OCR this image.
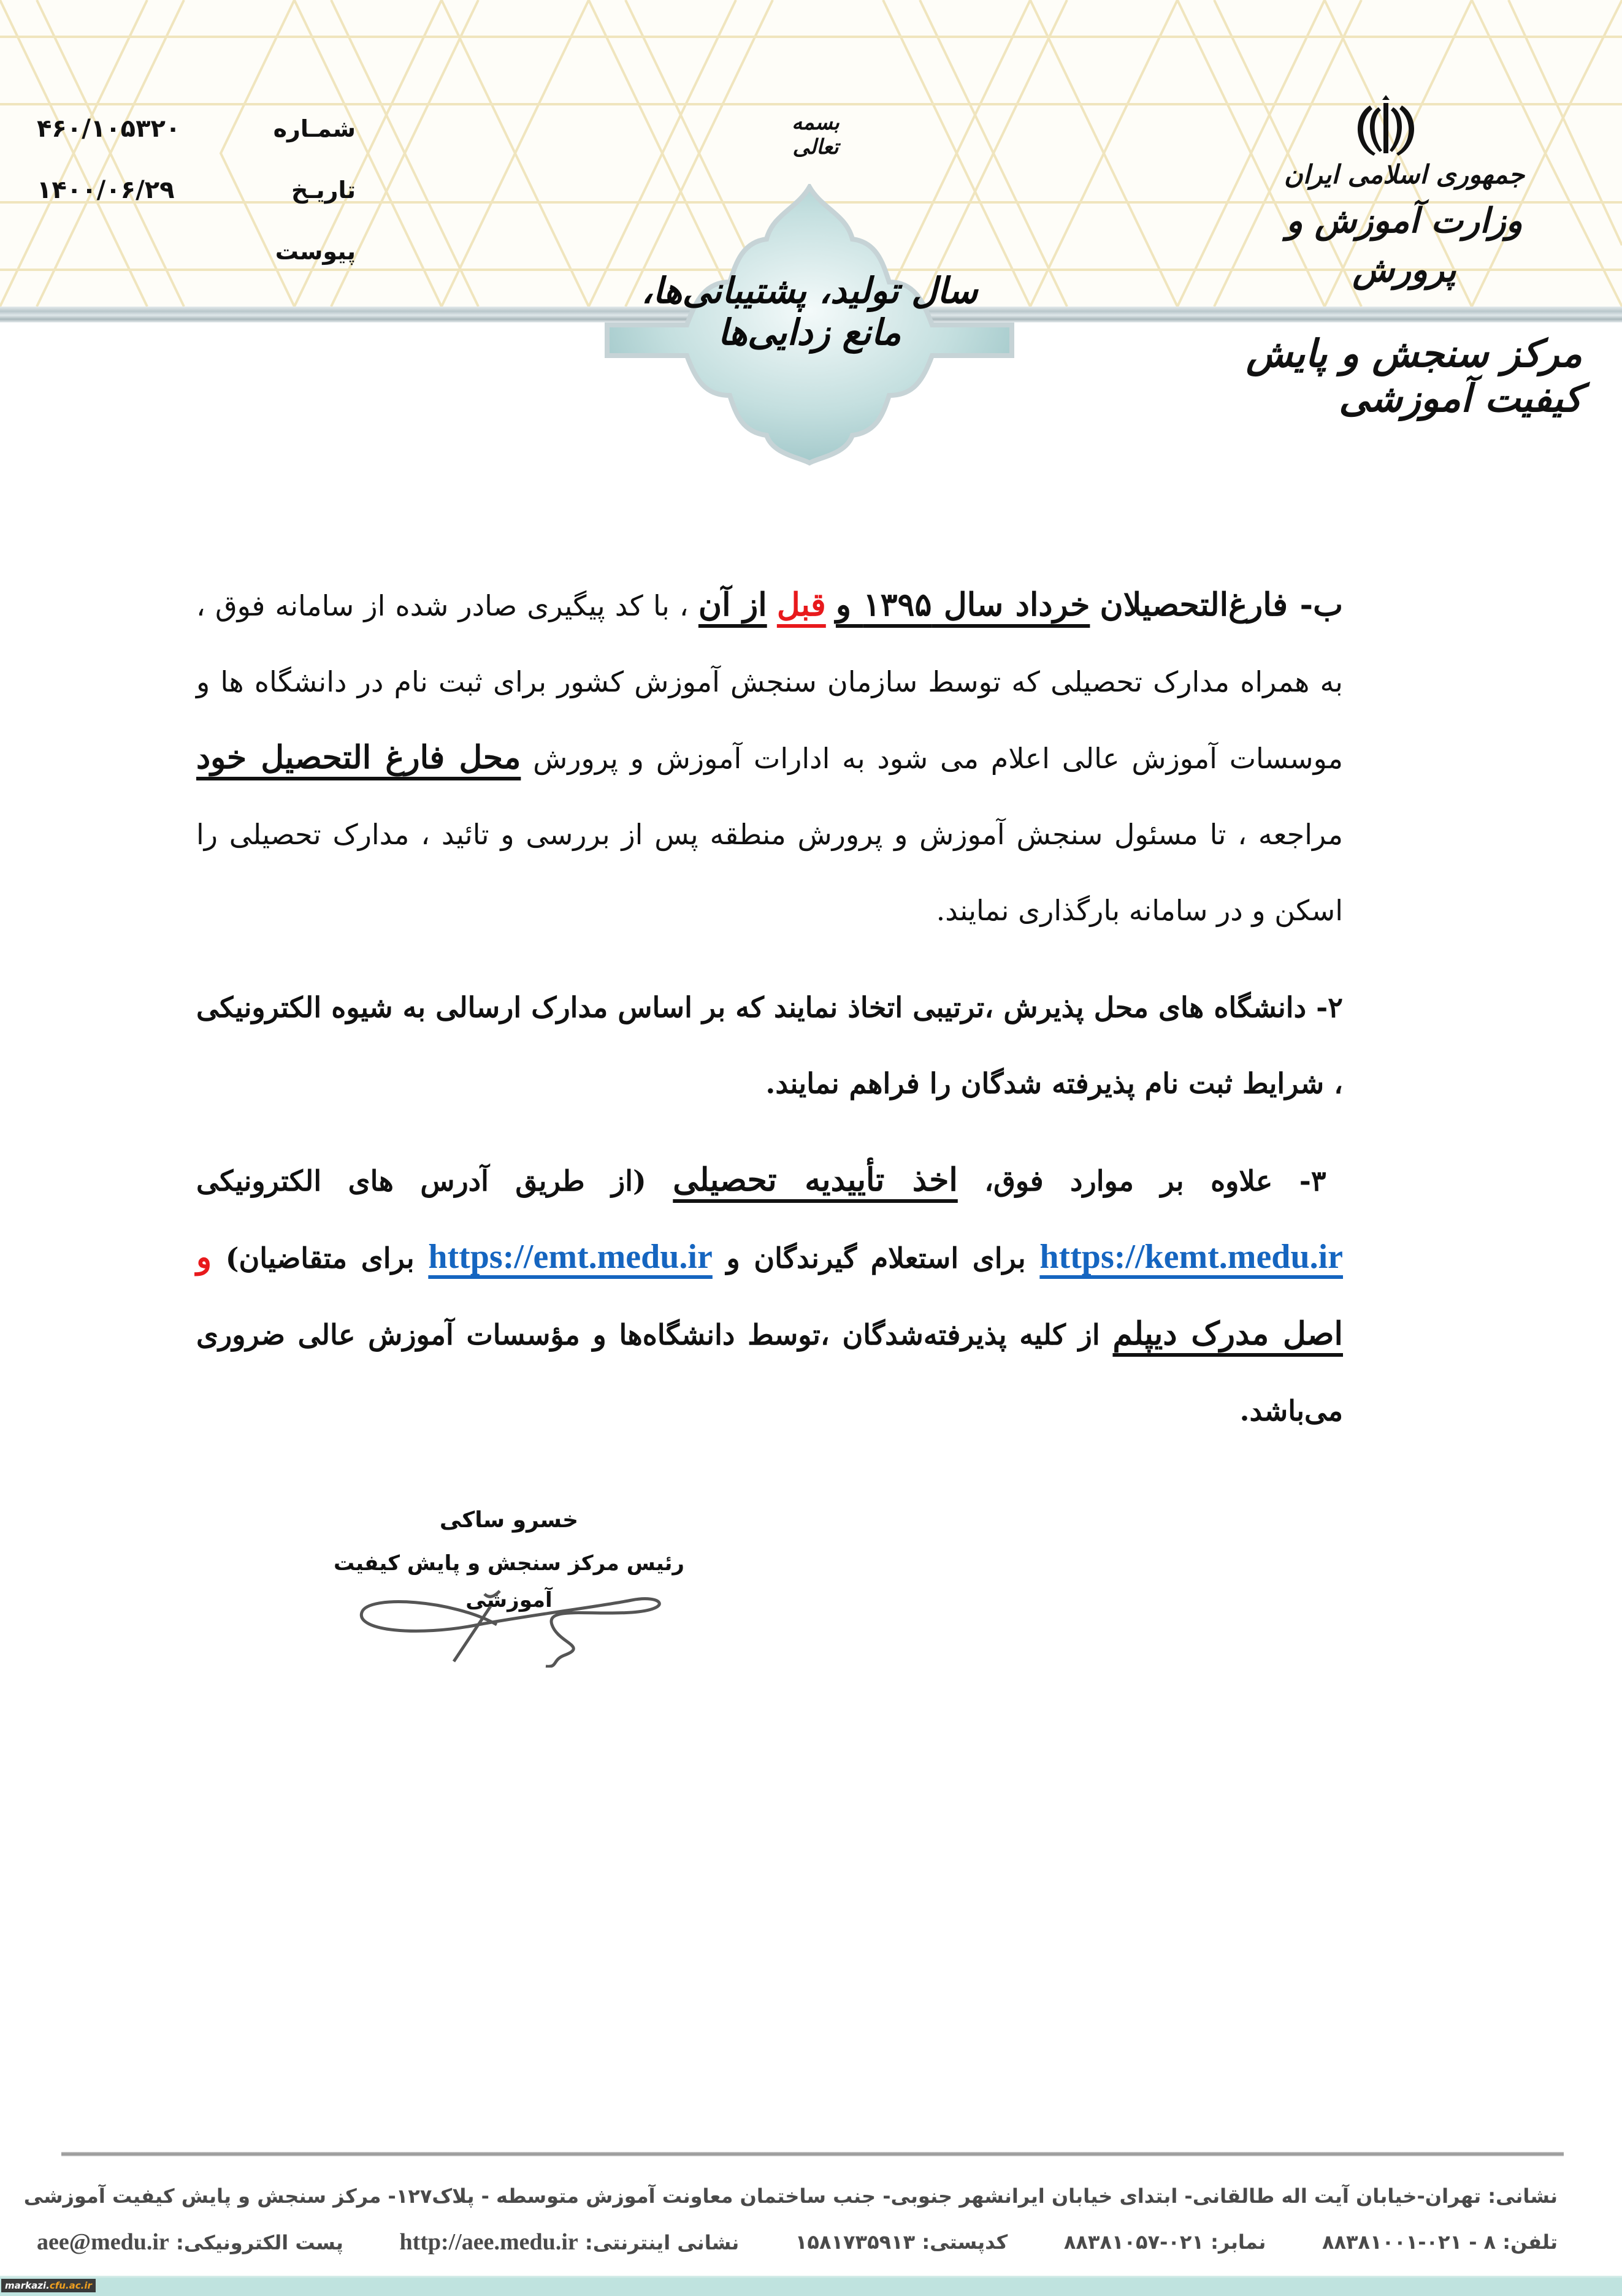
شمـاره
۴۶۰/۱۰۵۳۲۰
تاریـخ
۱۴۰۰/۰۶/۲۹
پیوست
بسمه تعالی
سال تولید، پشتیبانی‌ها، مانع زدایی‌ها
جمهوری اسلامی ایران
وزارت آموزش و پرورش
مرکز سنجش و پایش کیفیت آموزشی

ب- فارغ‌التحصیلان خرداد سال ۱۳۹۵ و قبل از آن ، با کد پیگیری صادر شده از سامانه فوق ، به همراه مدارک تحصیلی که توسط سازمان سنجش آموزش کشور برای ثبت نام در دانشگاه ها و موسسات آموزش عالی اعلام می شود به ادارات آموزش و پرورش محل فارغ التحصیل خود مراجعه ، تا مسئول سنجش آموزش و پرورش منطقه پس از بررسی و تائید ، مدارک تحصیلی را اسکن و در سامانه بارگذاری نمایند.

۲- دانشگاه های محل پذیرش ،ترتیبی اتخاذ نمایند که بر اساس مدارک ارسالی به شیوه الکترونیکی ، شرایط ثبت نام پذیرفته شدگان را فراهم نمایند.

۳- علاوه بر موارد فوق، اخذ تأییدیه تحصیلی (از طریق آدرس های الکترونیکی https://kemt.medu.ir برای استعلام گیرندگان و https://emt.medu.ir برای متقاضیان) و اصل مدرک دیپلم از کلیه پذیرفته‌شدگان ،توسط دانشگاه‌ها و مؤسسات آموزش عالی ضروری می‌باشد.

خسرو ساکی
رئیس مرکز سنجش و پایش کیفیت آموزشی
نشانی: تهران-خیابان آیت اله طالقانی- ابتدای خیابان ایرانشهر جنوبی- جنب ساختمان معاونت آموزش متوسطه - پلاک۱۲۷- مرکز سنجش و پایش کیفیت آموزشی
تلفن: ۸ - ۰۲۱-۸۸۳۸۱۰۰۱
نمابر: ۰۲۱-۸۸۳۸۱۰۵۷
کدپستی: ۱۵۸۱۷۳۵۹۱۳
نشانی اینترنتی: http://aee.medu.ir
پست الکترونیکی: aee@medu.ir
markazi.cfu.ac.ir
